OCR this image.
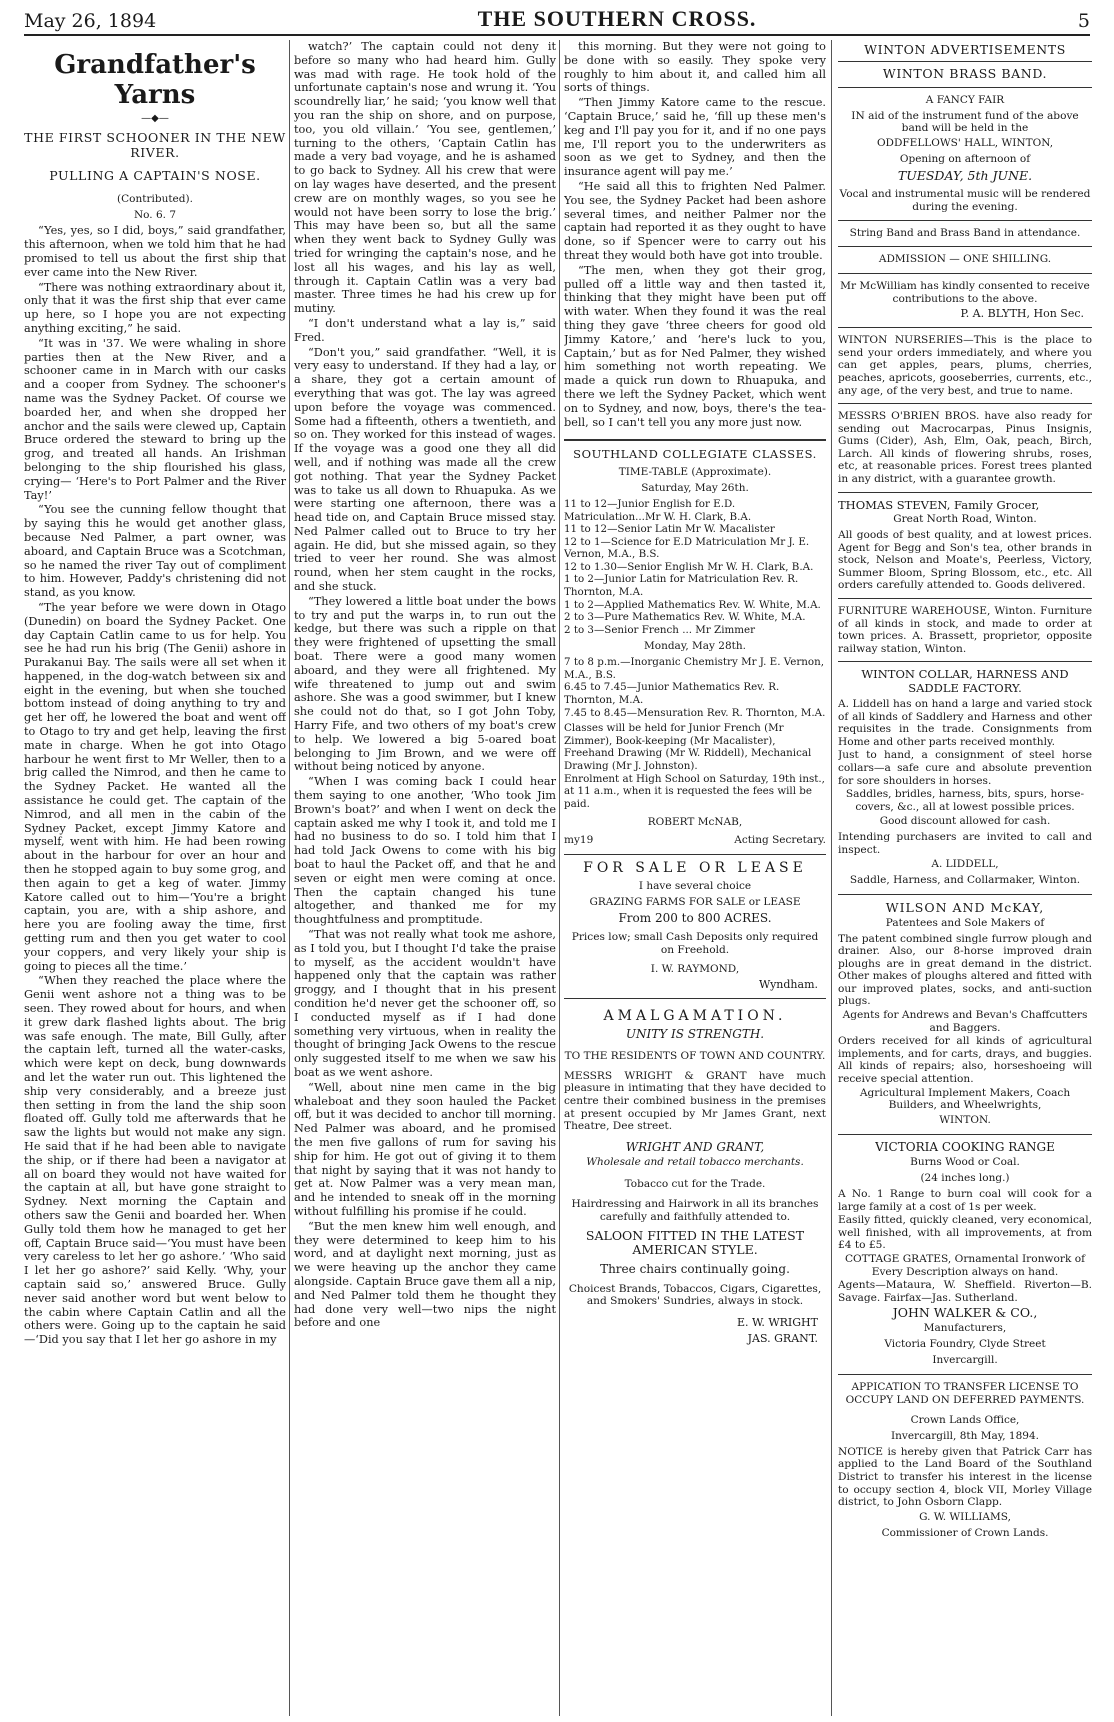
May 26, 1894	THE SOUTHERN CROSS.	5
Grandfather's Yarns
—◆—
THE FIRST SCHOONER IN THE NEW RIVER.
PULLING A CAPTAIN'S NOSE.
(Contributed).
No. 6. 7

“Yes, yes, so I did, boys,” said grandfather, this afternoon, when we told him that he had promised to tell us about the first ship that ever came into the New River.

“There was nothing extraordinary about it, only that it was the first ship that ever came up here, so I hope you are not expecting anything exciting,” he said.

“It was in '37. We were whaling in shore parties then at the New River, and a schooner came in in March with our casks and a cooper from Sydney. The schooner's name was the Sydney Packet. Of course we boarded her, and when she dropped her anchor and the sails were clewed up, Captain Bruce ordered the steward to bring up the grog, and treated all hands. An Irishman belonging to the ship flourished his glass, crying— ‘Here's to Port Palmer and the River Tay!’

“You see the cunning fellow thought that by saying this he would get another glass, because Ned Palmer, a part owner, was aboard, and Captain Bruce was a Scotchman, so he named the river Tay out of compliment to him. However, Paddy's christening did not stand, as you know.

“The year before we were down in Otago (Dunedin) on board the Sydney Packet. One day Captain Catlin came to us for help. You see he had run his brig (The Genii) ashore in Purakanui Bay. The sails were all set when it happened, in the dog-watch between six and eight in the evening, but when she touched bottom instead of doing anything to try and get her off, he lowered the boat and went off to Otago to try and get help, leaving the first mate in charge. When he got into Otago harbour he went first to Mr Weller, then to a brig called the Nimrod, and then he came to the Sydney Packet. He wanted all the assistance he could get. The captain of the Nimrod, and all men in the cabin of the Sydney Packet, except Jimmy Katore and myself, went with him. He had been rowing about in the harbour for over an hour and then he stopped again to buy some grog, and then again to get a keg of water. Jimmy Katore called out to him—‘You're a bright captain, you are, with a ship ashore, and here you are fooling away the time, first getting rum and then you get water to cool your coppers, and very likely your ship is going to pieces all the time.’

“When they reached the place where the Genii went ashore not a thing was to be seen. They rowed about for hours, and when it grew dark flashed lights about. The brig was safe enough. The mate, Bill Gully, after the captain left, turned all the water-casks, which were kept on deck, bung downwards and let the water run out. This lightened the ship very considerably, and a breeze just then setting in from the land the ship soon floated off. Gully told me afterwards that he saw the lights but would not make any sign. He said that if he had been able to navigate the ship, or if there had been a navigator at all on board they would not have waited for the captain at all, but have gone straight to Sydney. Next morning the Captain and others saw the Genii and boarded her. When Gully told them how he managed to get her off, Captain Bruce said—‘You must have been very careless to let her go ashore.’ ‘Who said I let her go ashore?’ said Kelly. ‘Why, your captain said so,’ answered Bruce. Gully never said another word but went below to the cabin where Captain Catlin and all the others were. Going up to the captain he said—‘Did you say that I let her go ashore in my

watch?’ The captain could not deny it before so many who had heard him. Gully was mad with rage. He took hold of the unfortunate captain's nose and wrung it. ‘You scoundrelly liar,’ he said; ‘you know well that you ran the ship on shore, and on purpose, too, you old villain.’ ‘You see, gentlemen,’ turning to the others, ‘Captain Catlin has made a very bad voyage, and he is ashamed to go back to Sydney. All his crew that were on lay wages have deserted, and the present crew are on monthly wages, so you see he would not have been sorry to lose the brig.’ This may have been so, but all the same when they went back to Sydney Gully was tried for wringing the captain's nose, and he lost all his wages, and his lay as well, through it. Captain Catlin was a very bad master. Three times he had his crew up for mutiny.

“I don't understand what a lay is,” said Fred.

“Don't you,” said grandfather. “Well, it is very easy to understand. If they had a lay, or a share, they got a certain amount of everything that was got. The lay was agreed upon before the voyage was commenced. Some had a fifteenth, others a twentieth, and so on. They worked for this instead of wages. If the voyage was a good one they all did well, and if nothing was made all the crew got nothing. That year the Sydney Packet was to take us all down to Rhuapuka. As we were starting one afternoon, there was a head tide on, and Captain Bruce missed stay. Ned Palmer called out to Bruce to try her again. He did, but she missed again, so they tried to veer her round. She was almost round, when her stem caught in the rocks, and she stuck.

“They lowered a little boat under the bows to try and put the warps in, to run out the kedge, but there was such a ripple on that they were frightened of upsetting the small boat. There were a good many women aboard, and they were all frightened. My wife threatened to jump out and swim ashore. She was a good swimmer, but I knew she could not do that, so I got John Toby, Harry Fife, and two others of my boat's crew to help. We lowered a big 5-oared boat belonging to Jim Brown, and we were off without being noticed by anyone.

“When I was coming back I could hear them saying to one another, ‘Who took Jim Brown's boat?’ and when I went on deck the captain asked me why I took it, and told me I had no business to do so. I told him that I had told Jack Owens to come with his big boat to haul the Packet off, and that he and seven or eight men were coming at once. Then the captain changed his tune altogether, and thanked me for my thoughtfulness and promptitude.

“That was not really what took me ashore, as I told you, but I thought I'd take the praise to myself, as the accident wouldn't have happened only that the captain was rather groggy, and I thought that in his present condition he'd never get the schooner off, so I conducted myself as if I had done something very virtuous, when in reality the thought of bringing Jack Owens to the rescue only suggested itself to me when we saw his boat as we went ashore.

“Well, about nine men came in the big whaleboat and they soon hauled the Packet off, but it was decided to anchor till morning. Ned Palmer was aboard, and he promised the men five gallons of rum for saving his ship for him. He got out of giving it to them that night by saying that it was not handy to get at. Now Palmer was a very mean man, and he intended to sneak off in the morning without fulfilling his promise if he could.

“But the men knew him well enough, and they were determined to keep him to his word, and at daylight next morning, just as we were heaving up the anchor they came alongside. Captain Bruce gave them all a nip, and Ned Palmer told them he thought they had done very well—two nips the night before and one

this morning. But they were not going to be done with so easily. They spoke very roughly to him about it, and called him all sorts of things.

“Then Jimmy Katore came to the rescue. ‘Captain Bruce,’ said he, ‘fill up these men's keg and I'll pay you for it, and if no one pays me, I'll report you to the underwriters as soon as we get to Sydney, and then the insurance agent will pay me.’

“He said all this to frighten Ned Palmer. You see, the Sydney Packet had been ashore several times, and neither Palmer nor the captain had reported it as they ought to have done, so if Spencer were to carry out his threat they would both have got into trouble.

“The men, when they got their grog, pulled off a little way and then tasted it, thinking that they might have been put off with water. When they found it was the real thing they gave ‘three cheers for good old Jimmy Katore,’ and ‘here's luck to you, Captain,’ but as for Ned Palmer, they wished him something not worth repeating. We made a quick run down to Rhuapuka, and there we left the Sydney Packet, which went on to Sydney, and now, boys, there's the tea-bell, so I can't tell you any more just now.

SOUTHLAND COLLEGIATE CLASSES.
TIME-TABLE (Approximate).
Saturday, May 26th.

11 to 12—Junior English for E.D. Matriculation...Mr W. H. Clark, B.A.

11 to 12—Senior Latin Mr W. Macalister

12 to 1—Science for E.D Matriculation Mr J. E. Vernon, M.A., B.S.

12 to 1.30—Senior English Mr W. H. Clark, B.A.

1 to 2—Junior Latin for Matriculation Rev. R. Thornton, M.A.

1 to 2—Applied Mathematics Rev. W. White, M.A.

2 to 3—Pure Mathematics Rev. W. White, M.A.

2 to 3—Senior French ... Mr Zimmer

Monday, May 28th.

7 to 8 p.m.—Inorganic Chemistry Mr J. E. Vernon, M.A., B.S.

6.45 to 7.45—Junior Mathematics Rev. R. Thornton, M.A.

7.45 to 8.45—Mensuration Rev. R. Thornton, M.A.

Classes will be held for Junior French (Mr Zimmer), Book-keeping (Mr Macalister), Freehand Drawing (Mr W. Riddell), Mechanical Drawing (Mr J. Johnston).

Enrolment at High School on Saturday, 19th inst., at 11 a.m., when it is requested the fees will be paid.

ROBERT McNAB,
my19	Acting Secretary.
FOR SALE OR LEASE
I have several choice
GRAZING FARMS FOR SALE or LEASE
From 200 to 800 ACRES.

Prices low; small Cash Deposits only required on Freehold.

I. W. RAYMOND,
Wyndham.
AMALGAMATION.
UNITY IS STRENGTH.
TO THE RESIDENTS OF TOWN AND COUNTRY.

MESSRS WRIGHT & GRANT have much pleasure in intimating that they have decided to centre their combined business in the premises at present occupied by Mr James Grant, next Theatre, Dee street.

WRIGHT AND GRANT,
Wholesale and retail tobacco merchants.
Tobacco cut for the Trade.

Hairdressing and Hairwork in all its branches carefully and faithfully attended to.

SALOON FITTED IN THE LATEST AMERICAN STYLE.
Three chairs continually going.

Choicest Brands, Tobaccos, Cigars, Cigarettes, and Smokers' Sundries, always in stock.

E. W. WRIGHT
JAS. GRANT.
WINTON ADVERTISEMENTS
WINTON BRASS BAND.
A FANCY FAIR

IN aid of the instrument fund of the above band will be held in the

ODDFELLOWS' HALL, WINTON,
Opening on afternoon of
TUESDAY, 5th JUNE.

Vocal and instrumental music will be rendered during the evening.

String Band and Brass Band in attendance.
ADMISSION — ONE SHILLING.

Mr McWilliam has kindly consented to receive contributions to the above.

P. A. BLYTH, Hon Sec.

WINTON NURSERIES—This is the place to send your orders immediately, and where you can get apples, pears, plums, cherries, peaches, apricots, gooseberries, currents, etc., any age, of the very best, and true to name.

MESSRS O'BRIEN BROS. have also ready for sending out Macrocarpas, Pinus Insignis, Gums (Cider), Ash, Elm, Oak, peach, Birch, Larch. All kinds of flowering shrubs, roses, etc, at reasonable prices. Forest trees planted in any district, with a guarantee growth.

THOMAS STEVEN, Family Grocer,

Great North Road, Winton.

All goods of best quality, and at lowest prices. Agent for Begg and Son's tea, other brands in stock, Nelson and Moate's, Peerless, Victory, Summer Bloom, Spring Blossom, etc., etc. All orders carefully attended to. Goods delivered.

FURNITURE WAREHOUSE, Winton. Furniture of all kinds in stock, and made to order at town prices. A. Brassett, proprietor, opposite railway station, Winton.

WINTON COLLAR, HARNESS AND SADDLE FACTORY.

A. Liddell has on hand a large and varied stock of all kinds of Saddlery and Harness and other requisites in the trade. Consignments from Home and other parts received monthly.

Just to hand, a consignment of steel horse collars—a safe cure and absolute prevention for sore shoulders in horses.

Saddles, bridles, harness, bits, spurs, horse-covers, &c., all at lowest possible prices.

Good discount allowed for cash.

Intending purchasers are invited to call and inspect.

A. LIDDELL,
Saddle, Harness, and Collarmaker, Winton.
WILSON AND McKAY,
Patentees and Sole Makers of

The patent combined single furrow plough and drainer. Also, our 8-horse improved drain ploughs are in great demand in the district. Other makes of ploughs altered and fitted with our improved plates, socks, and anti-suction plugs.

Agents for Andrews and Bevan's Chaffcutters and Baggers.

Orders received for all kinds of agricultural implements, and for carts, drays, and buggies. All kinds of repairs; also, horseshoeing will receive special attention.

Agricultural Implement Makers, Coach Builders, and Wheelwrights,

WINTON.
VICTORIA COOKING RANGE
Burns Wood or Coal.
(24 inches long.)

A No. 1 Range to burn coal will cook for a large family at a cost of 1s per week.

Easily fitted, quickly cleaned, very economical, well finished, with all improvements, at from £4 to £5.

COTTAGE GRATES, Ornamental Ironwork of Every Description always on hand.

Agents—Mataura, W. Sheffield. Riverton—B. Savage. Fairfax—Jas. Sutherland.

JOHN WALKER & CO.,
Manufacturers,
Victoria Foundry, Clyde Street
Invercargill.
APPICATION TO TRANSFER LICENSE TO OCCUPY LAND ON DEFERRED PAYMENTS.
Crown Lands Office,
Invercargill, 8th May, 1894.

NOTICE is hereby given that Patrick Carr has applied to the Land Board of the Southland District to transfer his interest in the license to occupy section 4, block VII, Morley Village district, to John Osborn Clapp.

G. W. WILLIAMS,
Commissioner of Crown Lands.
